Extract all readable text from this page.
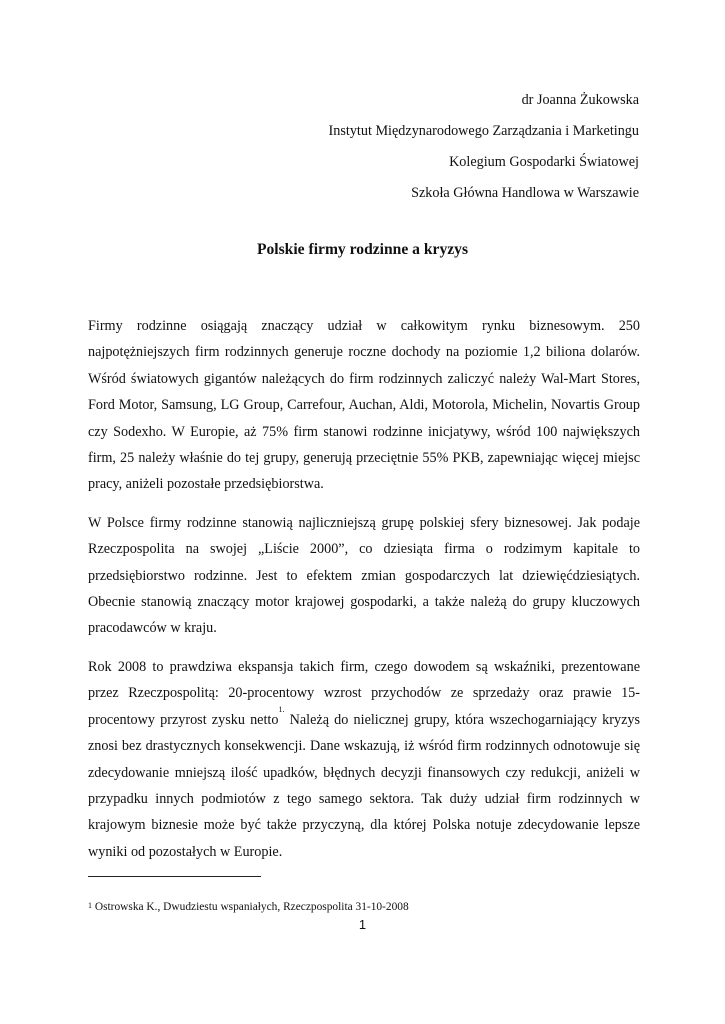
dr Joanna Żukowska
Instytut Międzynarodowego Zarządzania i Marketingu
Kolegium Gospodarki Światowej
Szkoła Główna Handlowa w Warszawie
Polskie firmy rodzinne a kryzys

Firmy rodzinne osiągają znaczący udział w całkowitym rynku biznesowym. 250 najpotężniejszych firm rodzinnych generuje roczne dochody na poziomie 1,2 biliona dolarów. Wśród światowych gigantów należących do firm rodzinnych zaliczyć należy Wal-Mart Stores, Ford Motor, Samsung, LG Group, Carrefour, Auchan, Aldi, Motorola, Michelin, Novartis Group czy Sodexho. W Europie, aż 75% firm stanowi rodzinne inicjatywy, wśród 100 największych firm, 25 należy właśnie do tej grupy, generują przeciętnie 55% PKB, zapewniając więcej miejsc pracy, aniżeli pozostałe przedsiębiorstwa.

W Polsce firmy rodzinne stanowią najliczniejszą grupę polskiej sfery biznesowej. Jak podaje Rzeczpospolita na swojej „Liście 2000”, co dziesiąta firma o rodzimym kapitale to przedsiębiorstwo rodzinne. Jest to efektem zmian gospodarczych lat dziewięćdziesiątych. Obecnie stanowią znaczący motor krajowej gospodarki, a także należą do grupy kluczowych pracodawców w kraju.

Rok 2008 to prawdziwa ekspansja takich firm, czego dowodem są wskaźniki, prezentowane przez Rzeczpospolitą: 20-procentowy wzrost przychodów ze sprzedaży oraz prawie 15-procentowy przyrost zysku netto$^{1.}$ Należą do nielicznej grupy, która wszechogarniający kryzys znosi bez drastycznych konsekwencji. Dane wskazują, iż wśród firm rodzinnych odnotowuje się zdecydowanie mniejszą ilość upadków, błędnych decyzji finansowych czy redukcji, aniżeli w przypadku innych podmiotów z tego samego sektora. Tak duży udział firm rodzinnych w krajowym biznesie może być także przyczyną, dla której Polska notuje zdecydowanie lepsze wyniki od pozostałych w Europie.

$^1$ Ostrowska K., Dwudziestu wspaniałych, Rzeczpospolita 31-10-2008
1
